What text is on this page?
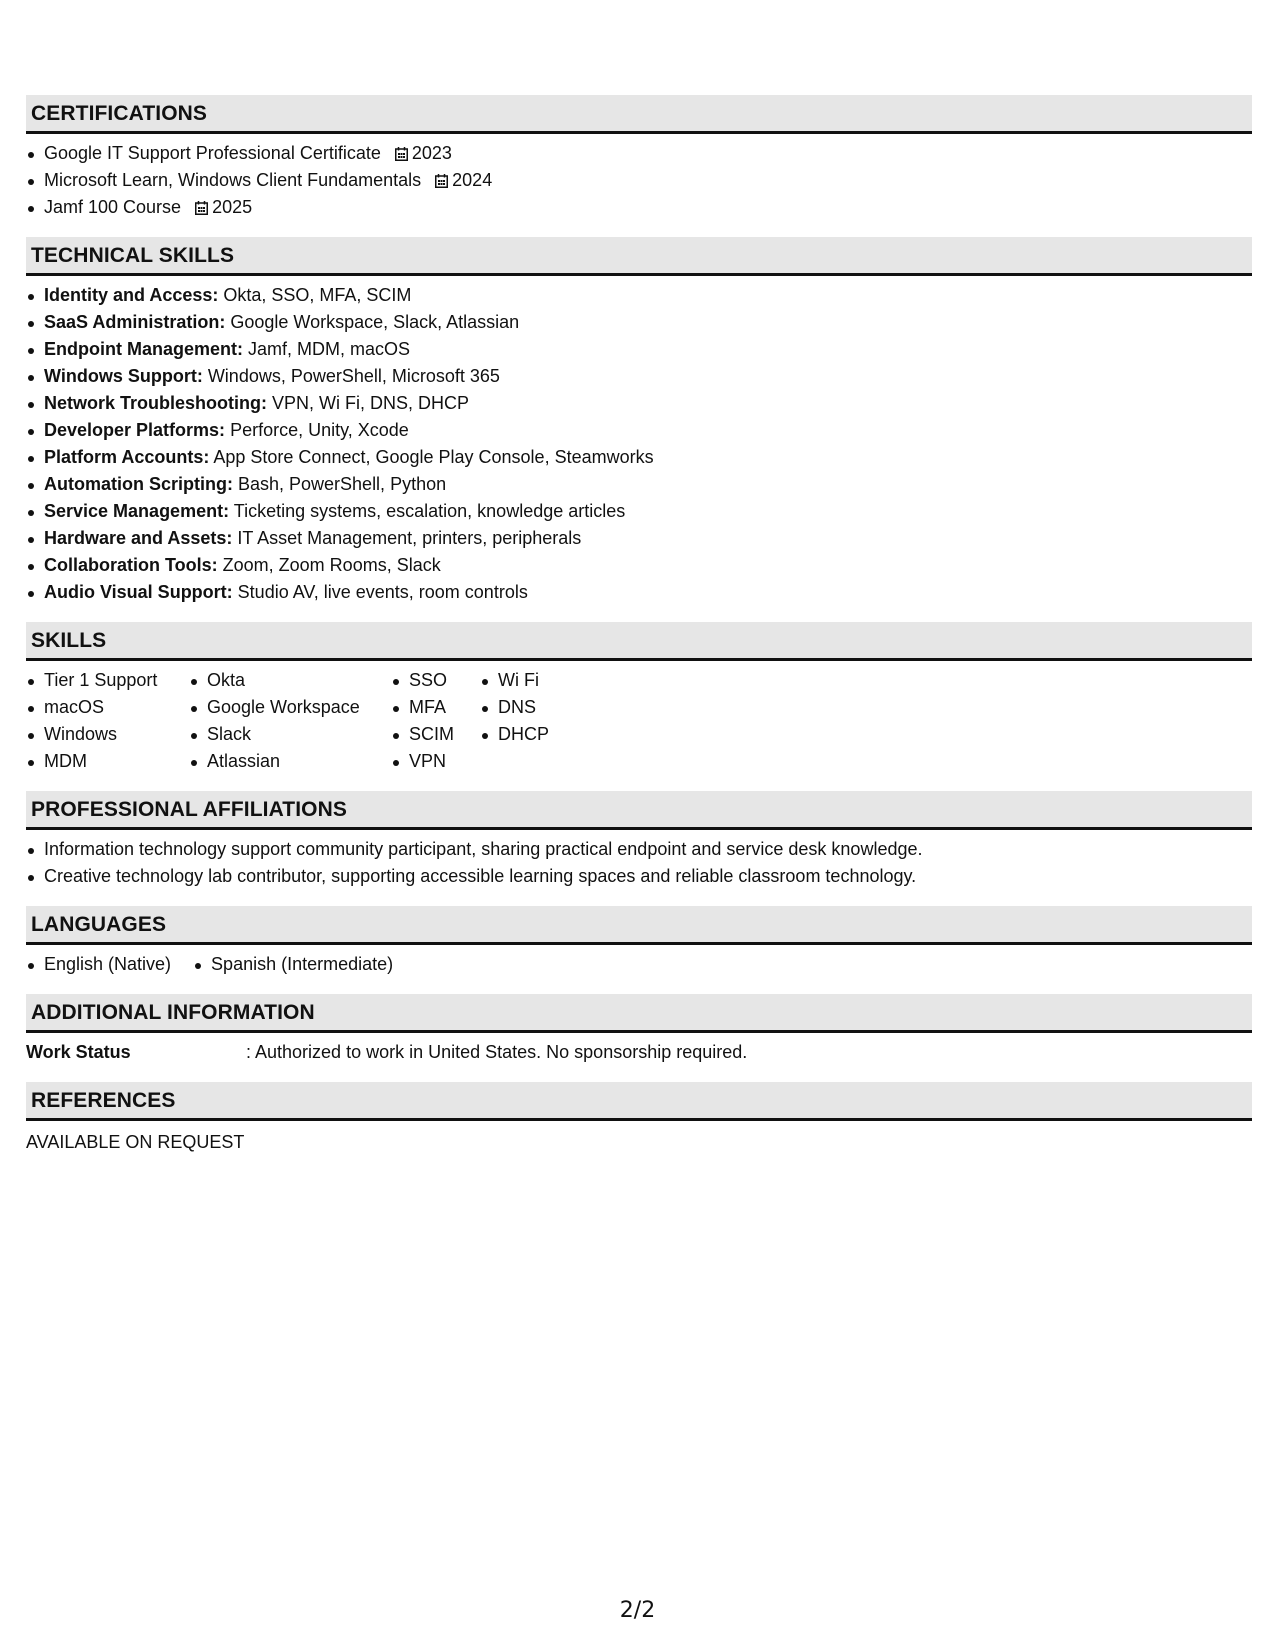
CERTIFICATIONS
Google IT Support Professional Certificate 2023
Microsoft Learn, Windows Client Fundamentals 2024
Jamf 100 Course 2025
TECHNICAL SKILLS
Identity and Access: Okta, SSO, MFA, SCIM
SaaS Administration: Google Workspace, Slack, Atlassian
Endpoint Management: Jamf, MDM, macOS
Windows Support: Windows, PowerShell, Microsoft 365
Network Troubleshooting: VPN, Wi Fi, DNS, DHCP
Developer Platforms: Perforce, Unity, Xcode
Platform Accounts: App Store Connect, Google Play Console, Steamworks
Automation Scripting: Bash, PowerShell, Python
Service Management: Ticketing systems, escalation, knowledge articles
Hardware and Assets: IT Asset Management, printers, peripherals
Collaboration Tools: Zoom, Zoom Rooms, Slack
Audio Visual Support: Studio AV, live events, room controls
SKILLS
Tier 1 Support
macOS
Windows
MDM
Okta
Google Workspace
Slack
Atlassian
SSO
MFA
SCIM
VPN
Wi Fi
DNS
DHCP
PROFESSIONAL AFFILIATIONS
Information technology support community participant, sharing practical endpoint and service desk knowledge.
Creative technology lab contributor, supporting accessible learning spaces and reliable classroom technology.
LANGUAGES
English (Native)	Spanish (Intermediate)
ADDITIONAL INFORMATION
Work Status	: Authorized to work in United States. No sponsorship required.
REFERENCES
AVAILABLE ON REQUEST
2/2
